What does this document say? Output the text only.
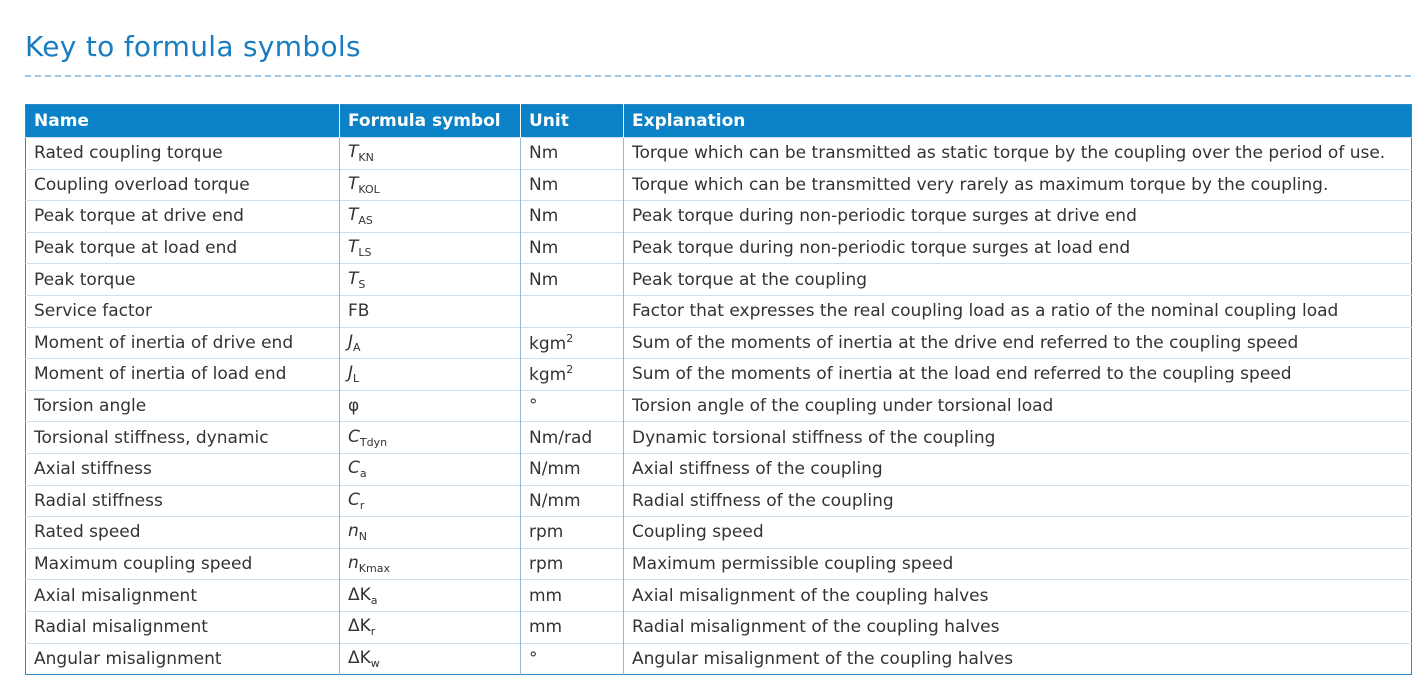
Key to formula symbols
Name	Formula symbol	Unit	Explanation
Rated coupling torque	$T_{KN}$	Nm	Torque which can be transmitted as static torque by the coupling over the period of use.
Coupling overload torque	$T_{KOL}$	Nm	Torque which can be transmitted very rarely as maximum torque by the coupling.
Peak torque at drive end	$T_{AS}$	Nm	Peak torque during non-periodic torque surges at drive end
Peak torque at load end	$T_{LS}$	Nm	Peak torque during non-periodic torque surges at load end
Peak torque	$T_S$	Nm	Peak torque at the coupling
Service factor	FB		Factor that expresses the real coupling load as a ratio of the nominal coupling load
Moment of inertia of drive end	$J_A$	kgm$^2$	Sum of the moments of inertia at the drive end referred to the coupling speed
Moment of inertia of load end	$J_L$	kgm$^2$	Sum of the moments of inertia at the load end referred to the coupling speed
Torsion angle	φ	°	Torsion angle of the coupling under torsional load
Torsional stiffness, dynamic	$C_{Tdyn}$	Nm/rad	Dynamic torsional stiffness of the coupling
Axial stiffness	$C_a$	N/mm	Axial stiffness of the coupling
Radial stiffness	$C_r$	N/mm	Radial stiffness of the coupling
Rated speed	$n_N$	rpm	Coupling speed
Maximum coupling speed	$n_{Kmax}$	rpm	Maximum permissible coupling speed
Axial misalignment	$\Delta K_a$	mm	Axial misalignment of the coupling halves
Radial misalignment	$\Delta K_r$	mm	Radial misalignment of the coupling halves
Angular misalignment	$\Delta K_w$	°	Angular misalignment of the coupling halves
